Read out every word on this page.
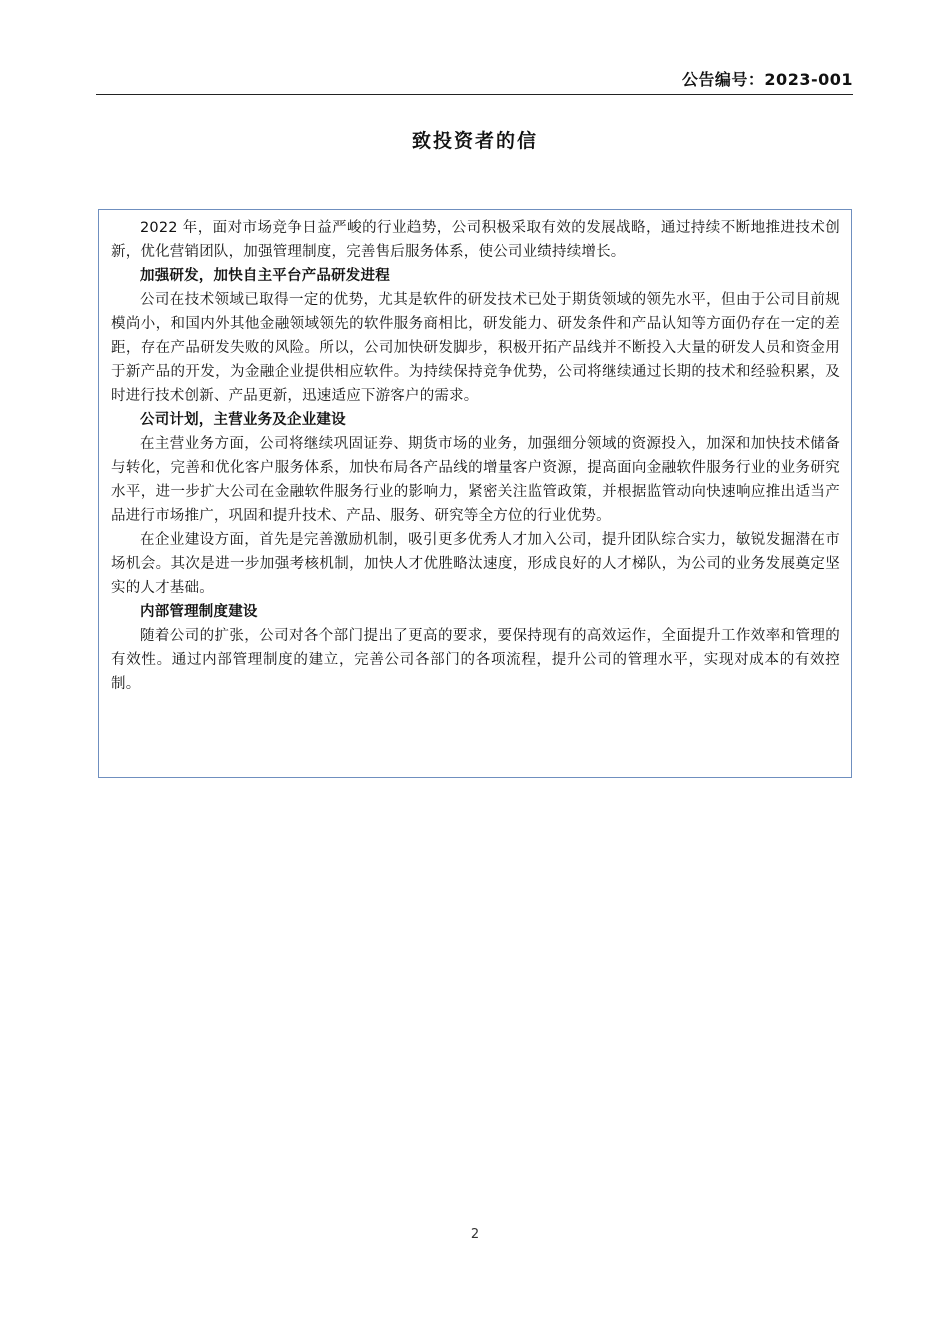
公告编号：2023-001
致投资者的信

2022 年，面对市场竞争日益严峻的行业趋势，公司积极采取有效的发展战略，通过持续不断地推进技术创新，优化营销团队，加强管理制度，完善售后服务体系，使公司业绩持续增长。

加强研发，加快自主平台产品研发进程

公司在技术领域已取得一定的优势，尤其是软件的研发技术已处于期货领域的领先水平，但由于公司目前规模尚小，和国内外其他金融领域领先的软件服务商相比，研发能力、研发条件和产品认知等方面仍存在一定的差距，存在产品研发失败的风险。所以，公司加快研发脚步，积极开拓产品线并不断投入大量的研发人员和资金用于新产品的开发，为金融企业提供相应软件。为持续保持竞争优势，公司将继续通过长期的技术和经验积累，及时进行技术创新、产品更新，迅速适应下游客户的需求。

公司计划，主营业务及企业建设

在主营业务方面，公司将继续巩固证券、期货市场的业务，加强细分领域的资源投入，加深和加快技术储备与转化，完善和优化客户服务体系，加快布局各产品线的增量客户资源，提高面向金融软件服务行业的业务研究水平，进一步扩大公司在金融软件服务行业的影响力，紧密关注监管政策，并根据监管动向快速响应推出适当产品进行市场推广，巩固和提升技术、产品、服务、研究等全方位的行业优势。

在企业建设方面，首先是完善激励机制，吸引更多优秀人才加入公司，提升团队综合实力，敏锐发掘潜在市场机会。其次是进一步加强考核机制，加快人才优胜略汰速度，形成良好的人才梯队，为公司的业务发展奠定坚实的人才基础。

内部管理制度建设

随着公司的扩张，公司对各个部门提出了更高的要求，要保持现有的高效运作，全面提升工作效率和管理的有效性。通过内部管理制度的建立，完善公司各部门的各项流程，提升公司的管理水平，实现对成本的有效控制。

2
